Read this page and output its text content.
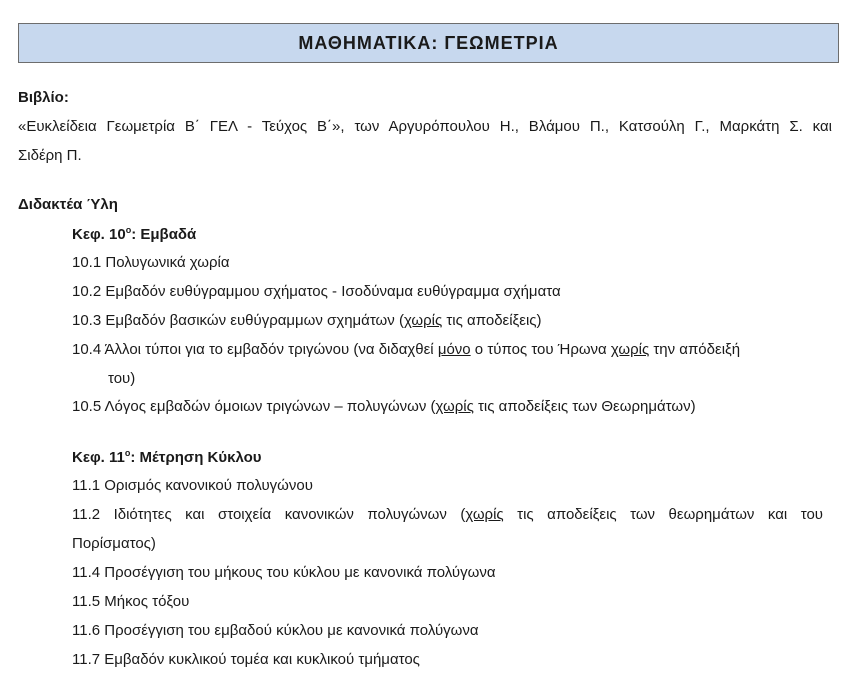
ΜΑΘΗΜΑΤΙΚΑ: ΓΕΩΜΕΤΡΙΑ
Βιβλίο:
«Ευκλείδεια Γεωμετρία Β΄ ΓΕΛ - Τεύχος Β΄», των Αργυρόπουλου Η., Βλάμου Π., Κατσούλη Γ., Μαρκάτη Σ. και
Σιδέρη Π.
Διδακτέα Ύλη
Κεφ. $10^o$: Εμβαδά
10.1 Πολυγωνικά χωρία
10.2 Εμβαδόν ευθύγραμμου σχήματος - Ισοδύναμα ευθύγραμμα σχήματα
10.3 Εμβαδόν βασικών ευθύγραμμων σχημάτων (χωρίς τις αποδείξεις)
10.4 Άλλοι τύποι για το εμβαδόν τριγώνου (να διδαχθεί μόνο ο τύπος του Ήρωνα χωρίς την απόδειξή
του)
10.5 Λόγος εμβαδών όμοιων τριγώνων – πολυγώνων (χωρίς τις αποδείξεις των Θεωρημάτων)
Κεφ. $11^o$: Μέτρηση Κύκλου
11.1 Ορισμός κανονικού πολυγώνου
11.2 Ιδιότητες και στοιχεία κανονικών πολυγώνων (χωρίς τις αποδείξεις των θεωρημάτων και του
Πορίσματος)
11.4 Προσέγγιση του μήκους του κύκλου με κανονικά πολύγωνα
11.5 Μήκος τόξου
11.6 Προσέγγιση του εμβαδού κύκλου με κανονικά πολύγωνα
11.7 Εμβαδόν κυκλικού τομέα και κυκλικού τμήματος
